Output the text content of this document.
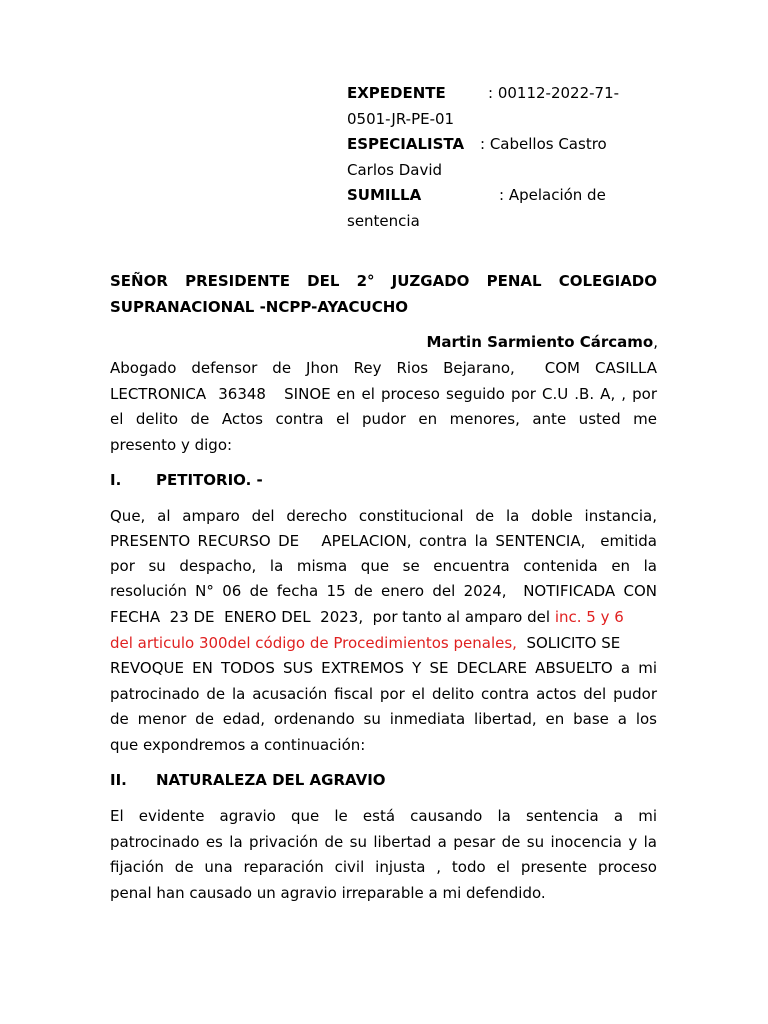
EXPEDENTE	: 00112-2022-71-
0501-JR-PE-01
ESPECIALISTA : Cabellos Castro
Carlos David
SUMILLA	: Apelación de
sentencia
SEÑOR PRESIDENTE DEL 2° JUZGADO PENAL COLEGIADO
SUPRANACIONAL -NCPP-AYACUCHO
Martin Sarmiento Cárcamo,
Abogado defensor de Jhon Rey Rios Bejarano,  COM CASILLA
LECTRONICA  36348   SINOE en el proceso seguido por C.U .B. A, , por
el delito de Actos contra el pudor en menores, ante usted me
presento y digo:
I. PETITORIO. -
Que, al amparo del derecho constitucional de la doble instancia,
PRESENTO RECURSO DE   APELACION, contra la SENTENCIA,  emitida
por su despacho, la misma que se encuentra contenida en la
resolución N° 06 de fecha 15 de enero del 2024,  NOTIFICADA CON
FECHA  23 DE  ENERO DEL  2023,  por tanto al amparo del inc. 5 y 6
del articulo 300del código de Procedimientos penales,  SOLICITO SE
REVOQUE EN TODOS SUS EXTREMOS Y SE DECLARE ABSUELTO a mi
patrocinado de la acusación fiscal por el delito contra actos del pudor
de menor de edad, ordenando su inmediata libertad, en base a los
que expondremos a continuación:
II. NATURALEZA DEL AGRAVIO
El evidente agravio que le está causando la sentencia a mi
patrocinado es la privación de su libertad a pesar de su inocencia y la
fijación de una reparación civil injusta , todo el presente proceso
penal han causado un agravio irreparable a mi defendido.
